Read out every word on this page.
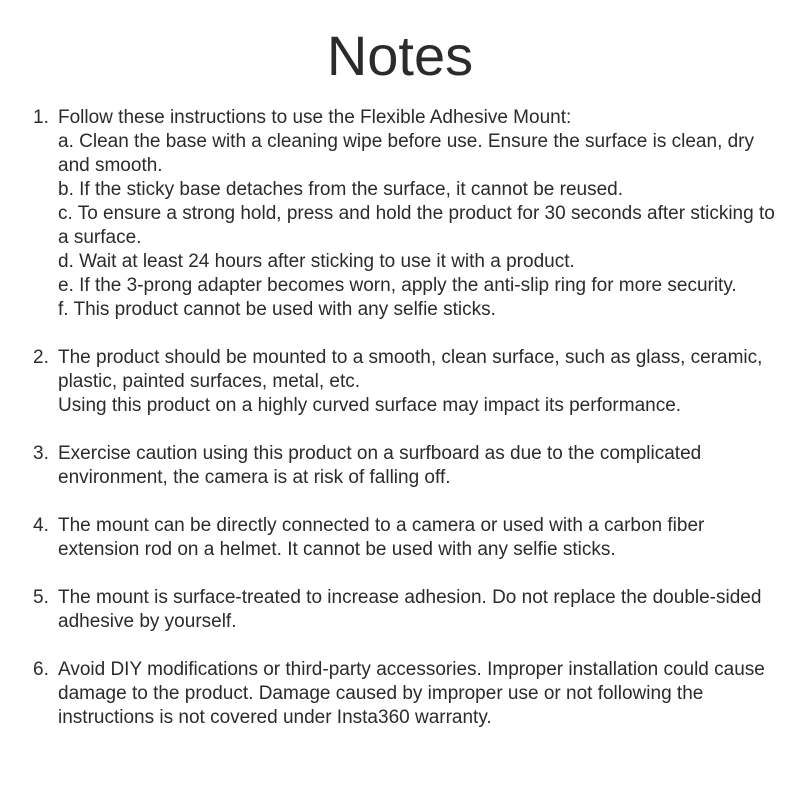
Notes
1. Follow these instructions to use the Flexible Adhesive Mount:
a. Clean the base with a cleaning wipe before use. Ensure the surface is clean, dry and smooth.
b. If the sticky base detaches from the surface, it cannot be reused.
c. To ensure a strong hold, press and hold the product for 30 seconds after sticking to a surface.
d. Wait at least 24 hours after sticking to use it with a product.
e. If the 3-prong adapter becomes worn, apply the anti-slip ring for more security.
f. This product cannot be used with any selfie sticks.
2. The product should be mounted to a smooth, clean surface, such as glass, ceramic, plastic, painted surfaces, metal, etc.
Using this product on a highly curved surface may impact its performance.
3. Exercise caution using this product on a surfboard as due to the complicated environment, the camera is at risk of falling off.
4. The mount can be directly connected to a camera or used with a carbon fiber extension rod on a helmet. It cannot be used with any selfie sticks.
5. The mount is surface-treated to increase adhesion. Do not replace the double-sided adhesive by yourself.
6. Avoid DIY modifications or third-party accessories. Improper installation could cause damage to the product. Damage caused by improper use or not following the instructions is not covered under Insta360 warranty.
